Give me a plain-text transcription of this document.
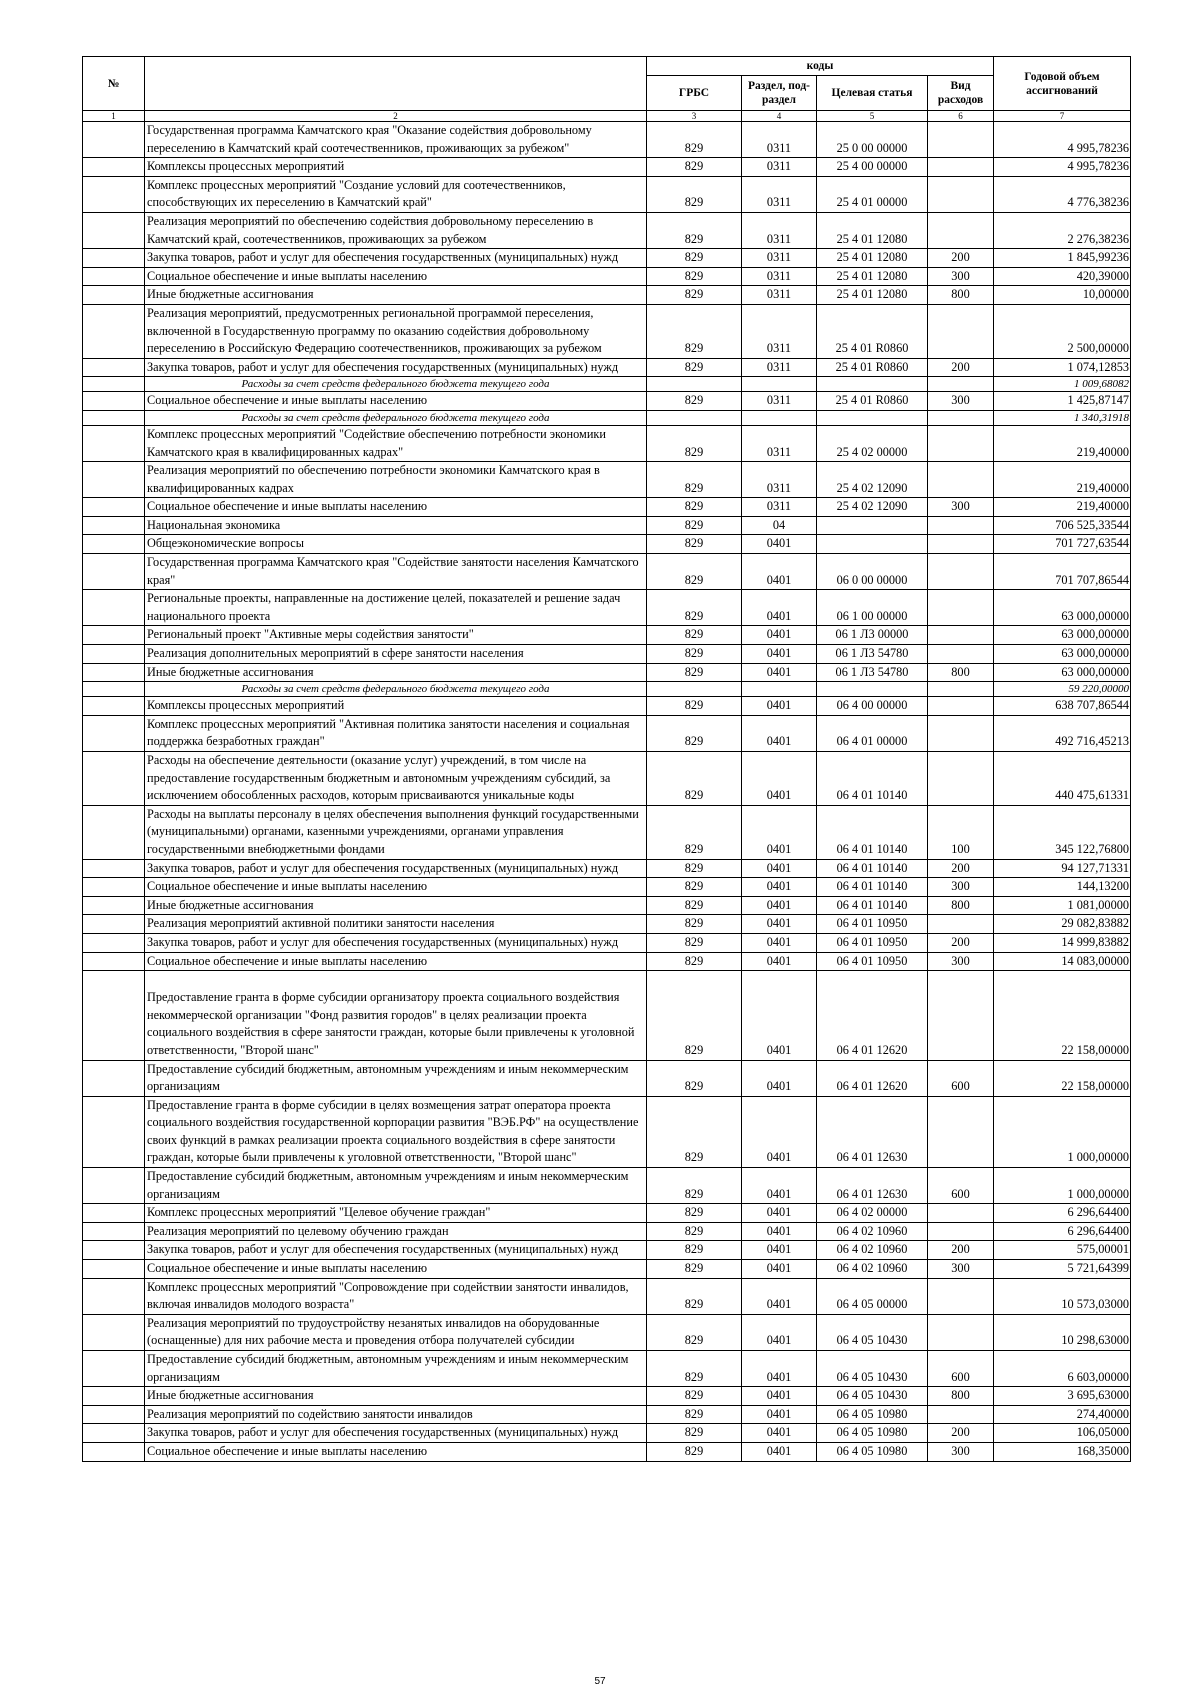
№		коды				Годовой объем ассигнований
		ГРБС	Раздел, под- раздел	Целевая статья	Вид расходов	
1	2	3	4	5	6	7
	Государственная программа Камчатского края "Оказание содействия добровольному переселению в Камчатский край соотечественников, проживающих за рубежом"	829	0311	25 0 00 00000		4 995,78236
	Комплексы процессных мероприятий	829	0311	25 4 00 00000		4 995,78236
	Комплекс процессных мероприятий "Создание условий для соотечественников, способствующих их переселению в Камчатский край"	829	0311	25 4 01 00000		4 776,38236
	Реализация мероприятий по обеспечению содействия добровольному переселению в Камчатский край, соотечественников, проживающих за рубежом	829	0311	25 4 01 12080		2 276,38236
	Закупка товаров, работ и услуг для обеспечения государственных (муниципальных) нужд	829	0311	25 4 01 12080	200	1 845,99236
	Социальное обеспечение и иные выплаты населению	829	0311	25 4 01 12080	300	420,39000
	Иные бюджетные ассигнования	829	0311	25 4 01 12080	800	10,00000
	Реализация мероприятий, предусмотренных региональной программой переселения, включенной в Государственную программу по оказанию содействия добровольному переселению в Российскую Федерацию соотечественников, проживающих за рубежом	829	0311	25 4 01 R0860		2 500,00000
	Закупка товаров, работ и услуг для обеспечения государственных (муниципальных) нужд	829	0311	25 4 01 R0860	200	1 074,12853
	Расходы за счет средств федерального бюджета текущего года					1 009,68082
	Социальное обеспечение и иные выплаты населению	829	0311	25 4 01 R0860	300	1 425,87147
	Расходы за счет средств федерального бюджета текущего года					1 340,31918
	Комплекс процессных мероприятий "Содействие обеспечению потребности экономики Камчатского края в квалифицированных кадрах"	829	0311	25 4 02 00000		219,40000
	Реализация мероприятий по обеспечению потребности экономики Камчатского края в квалифицированных кадрах	829	0311	25 4 02 12090		219,40000
	Социальное обеспечение и иные выплаты населению	829	0311	25 4 02 12090	300	219,40000
	Национальная экономика	829	04			706 525,33544
	Общеэкономические вопросы	829	0401			701 727,63544
	Государственная программа Камчатского края "Содействие занятости населения Камчатского края"	829	0401	06 0 00 00000		701 707,86544
	Региональные проекты, направленные на достижение целей, показателей и решение задач национального проекта	829	0401	06 1 00 00000		63 000,00000
	Региональный проект "Активные меры содействия занятости"	829	0401	06 1 Л3 00000		63 000,00000
	Реализация дополнительных мероприятий в сфере занятости населения	829	0401	06 1 Л3 54780		63 000,00000
	Иные бюджетные ассигнования	829	0401	06 1 Л3 54780	800	63 000,00000
	Расходы за счет средств федерального бюджета текущего года					59 220,00000
	Комплексы процессных мероприятий	829	0401	06 4 00 00000		638 707,86544
	Комплекс процессных мероприятий "Активная политика занятости населения и социальная поддержка безработных граждан"	829	0401	06 4 01 00000		492 716,45213
	Расходы на обеспечение деятельности (оказание услуг) учреждений, в том числе на предоставление государственным бюджетным и автономным учреждениям субсидий, за исключением обособленных расходов, которым присваиваются уникальные коды	829	0401	06 4 01 10140		440 475,61331
	Расходы на выплаты персоналу в целях обеспечения выполнения функций государственными (муниципальными) органами, казенными учреждениями, органами управления государственными внебюджетными фондами	829	0401	06 4 01 10140	100	345 122,76800
	Закупка товаров, работ и услуг для обеспечения государственных (муниципальных) нужд	829	0401	06 4 01 10140	200	94 127,71331
	Социальное обеспечение и иные выплаты населению	829	0401	06 4 01 10140	300	144,13200
	Иные бюджетные ассигнования	829	0401	06 4 01 10140	800	1 081,00000
	Реализация мероприятий активной политики занятости населения	829	0401	06 4 01 10950		29 082,83882
	Закупка товаров, работ и услуг для обеспечения государственных (муниципальных) нужд	829	0401	06 4 01 10950	200	14 999,83882
	Социальное обеспечение и иные выплаты населению	829	0401	06 4 01 10950	300	14 083,00000
	Предоставление гранта в форме субсидии организатору проекта социального воздействия некоммерческой организации "Фонд развития городов" в целях реализации проекта социального воздействия в сфере занятости граждан, которые были привлечены к уголовной ответственности, "Второй шанс"	829	0401	06 4 01 12620		22 158,00000
	Предоставление субсидий бюджетным, автономным учреждениям и иным некоммерческим организациям	829	0401	06 4 01 12620	600	22 158,00000
	Предоставление гранта в форме субсидии в целях возмещения затрат оператора проекта социального воздействия государственной корпорации развития "ВЭБ.РФ" на осуществление своих функций в рамках реализации проекта социального воздействия в сфере занятости граждан, которые были привлечены к уголовной ответственности, "Второй шанс"	829	0401	06 4 01 12630		1 000,00000
	Предоставление субсидий бюджетным, автономным учреждениям и иным некоммерческим организациям	829	0401	06 4 01 12630	600	1 000,00000
	Комплекс процессных мероприятий "Целевое обучение граждан"	829	0401	06 4 02 00000		6 296,64400
	Реализация мероприятий по целевому обучению граждан	829	0401	06 4 02 10960		6 296,64400
	Закупка товаров, работ и услуг для обеспечения государственных (муниципальных) нужд	829	0401	06 4 02 10960	200	575,00001
	Социальное обеспечение и иные выплаты населению	829	0401	06 4 02 10960	300	5 721,64399
	Комплекс процессных мероприятий "Сопровождение при содействии занятости инвалидов, включая инвалидов молодого возраста"	829	0401	06 4 05 00000		10 573,03000
	Реализация мероприятий по трудоустройству незанятых инвалидов на оборудованные (оснащенные) для них рабочие места и проведения отбора получателей субсидии	829	0401	06 4 05 10430		10 298,63000
	Предоставление субсидий бюджетным, автономным учреждениям и иным некоммерческим организациям	829	0401	06 4 05 10430	600	6 603,00000
	Иные бюджетные ассигнования	829	0401	06 4 05 10430	800	3 695,63000
	Реализация мероприятий по содействию занятости инвалидов	829	0401	06 4 05 10980		274,40000
	Закупка товаров, работ и услуг для обеспечения государственных (муниципальных) нужд	829	0401	06 4 05 10980	200	106,05000
	Социальное обеспечение и иные выплаты населению	829	0401	06 4 05 10980	300	168,35000
57
